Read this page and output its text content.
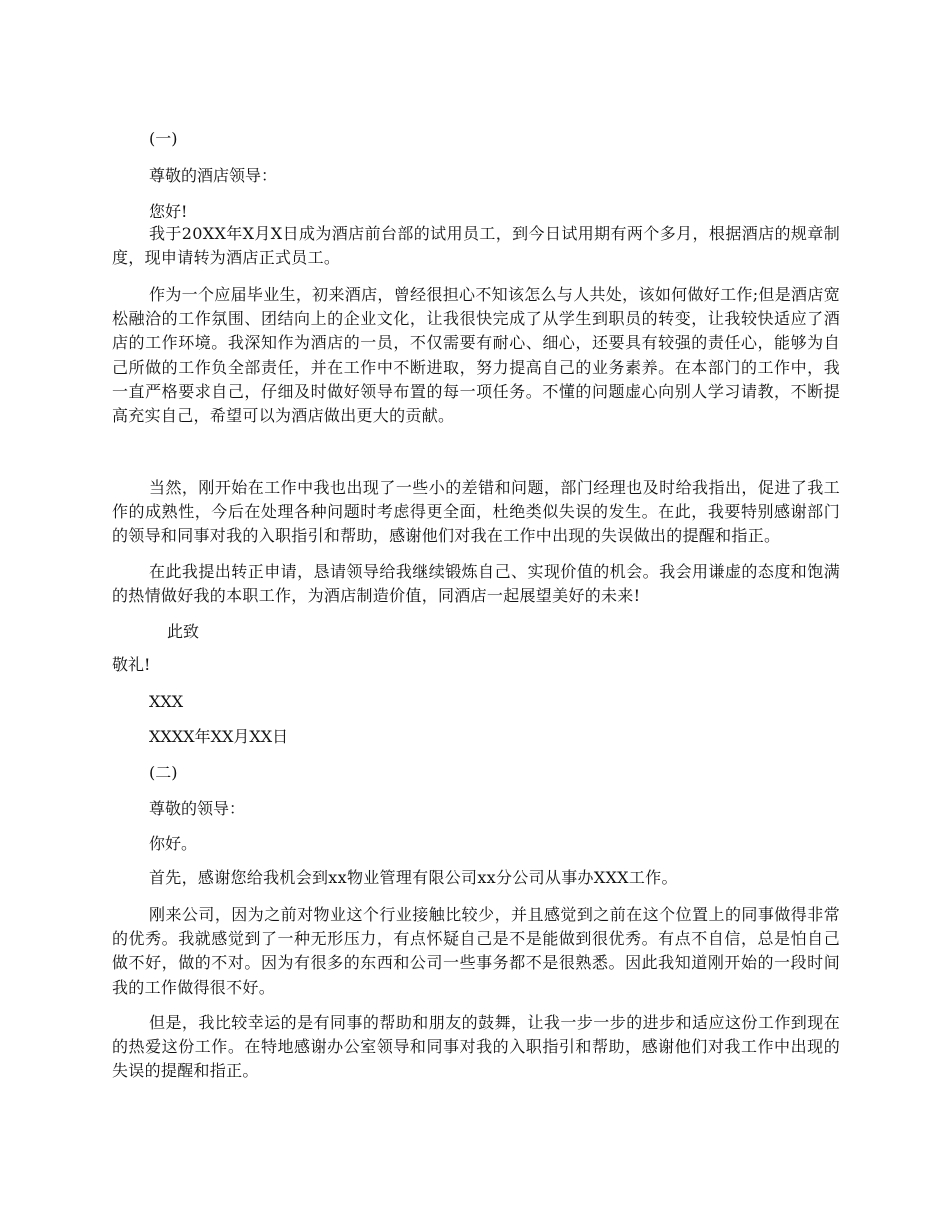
(一)
尊敬的酒店领导：
您好!

我于20XX年X月X日成为酒店前台部的试用员工，到今日试用期有两个多月，根据酒店的规章制度，现申请转为酒店正式员工。

作为一个应届毕业生，初来酒店，曾经很担心不知该怎么与人共处，该如何做好工作;但是酒店宽松融洽的工作氛围、团结向上的企业文化，让我很快完成了从学生到职员的转变，让我较快适应了酒店的工作环境。我深知作为酒店的一员，不仅需要有耐心、细心，还要具有较强的责任心，能够为自己所做的工作负全部责任，并在工作中不断进取，努力提高自己的业务素养。在本部门的工作中，我一直严格要求自己，仔细及时做好领导布置的每一项任务。不懂的问题虚心向别人学习请教，不断提高充实自己，希望可以为酒店做出更大的贡献。

当然，刚开始在工作中我也出现了一些小的差错和问题，部门经理也及时给我指出，促进了我工作的成熟性，今后在处理各种问题时考虑得更全面，杜绝类似失误的发生。在此，我要特别感谢部门的领导和同事对我的入职指引和帮助，感谢他们对我在工作中出现的失误做出的提醒和指正。

在此我提出转正申请，恳请领导给我继续锻炼自己、实现价值的机会。我会用谦虚的态度和饱满的热情做好我的本职工作，为酒店制造价值，同酒店一起展望美好的未来!

此致
敬礼!
XXX
XXXX年XX月XX日
(二)
尊敬的领导：
你好。

首先，感谢您给我机会到xx物业管理有限公司xx分公司从事办XXX工作。

刚来公司，因为之前对物业这个行业接触比较少，并且感觉到之前在这个位置上的同事做得非常的优秀。我就感觉到了一种无形压力，有点怀疑自己是不是能做到很优秀。有点不自信，总是怕自己做不好，做的不对。因为有很多的东西和公司一些事务都不是很熟悉。因此我知道刚开始的一段时间我的工作做得很不好。

但是，我比较幸运的是有同事的帮助和朋友的鼓舞，让我一步一步的进步和适应这份工作到现在的热爱这份工作。在特地感谢办公室领导和同事对我的入职指引和帮助，感谢他们对我工作中出现的失误的提醒和指正。
